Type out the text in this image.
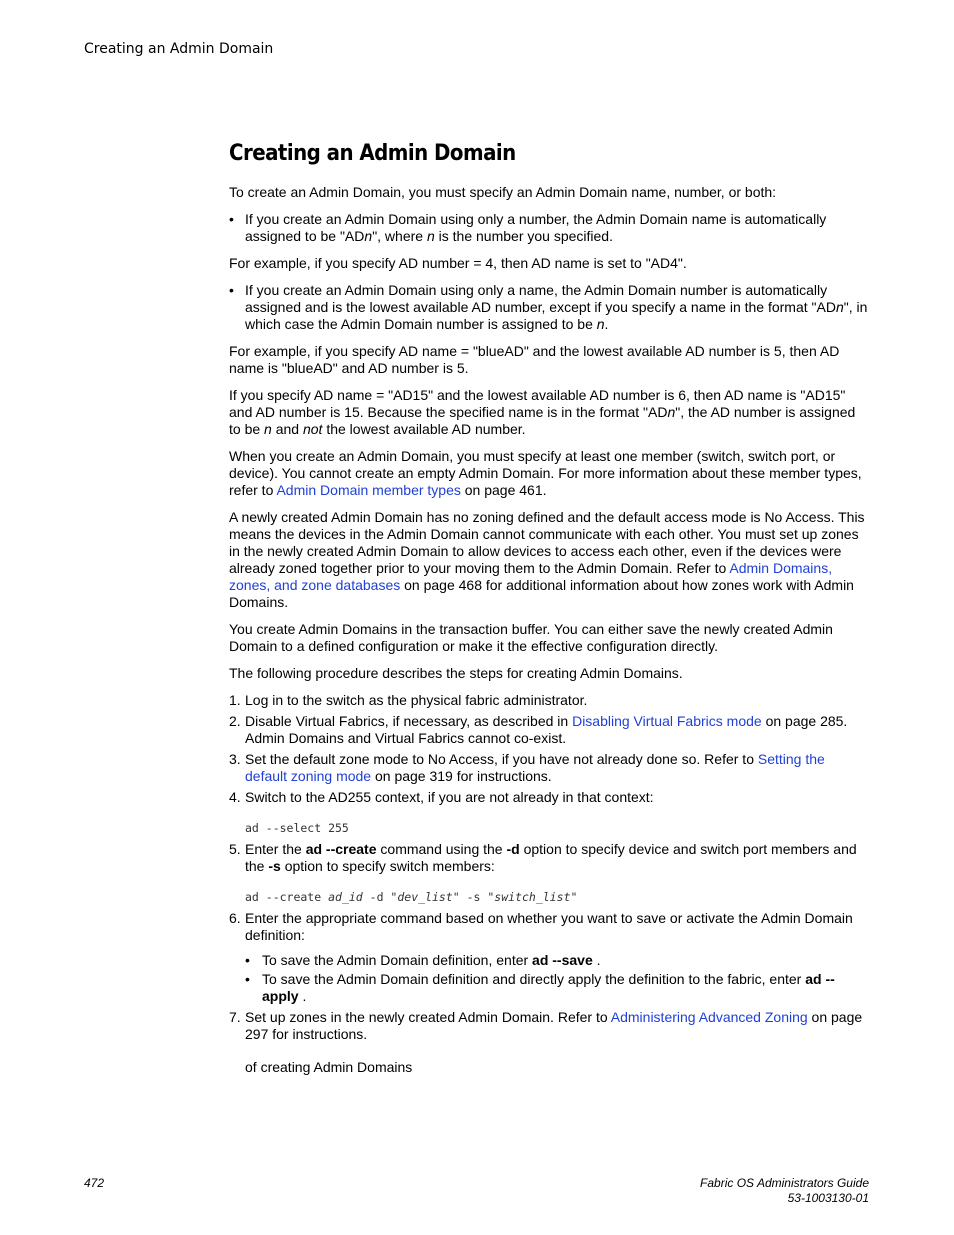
Creating an Admin Domain
Creating an Admin Domain

To create an Admin Domain, you must specify an Admin Domain name, number, or both:

• If you create an Admin Domain using only a number, the Admin Domain name is automatically assigned to be "ADn", where n is the number you specified.

For example, if you specify AD number = 4, then AD name is set to "AD4".

• If you create an Admin Domain using only a name, the Admin Domain number is automatically assigned and is the lowest available AD number, except if you specify a name in the format "ADn", in which case the Admin Domain number is assigned to be n.

For example, if you specify AD name = "blueAD" and the lowest available AD number is 5, then AD name is "blueAD" and AD number is 5.

If you specify AD name = "AD15" and the lowest available AD number is 6, then AD name is "AD15" and AD number is 15. Because the specified name is in the format "ADn", the AD number is assigned to be n and not the lowest available AD number.

When you create an Admin Domain, you must specify at least one member (switch, switch port, or device). You cannot create an empty Admin Domain. For more information about these member types, refer to Admin Domain member types on page 461.

A newly created Admin Domain has no zoning defined and the default access mode is No Access. This means the devices in the Admin Domain cannot communicate with each other. You must set up zones in the newly created Admin Domain to allow devices to access each other, even if the devices were already zoned together prior to your moving them to the Admin Domain. Refer to Admin Domains, zones, and zone databases on page 468 for additional information about how zones work with Admin Domains.

You create Admin Domains in the transaction buffer. You can either save the newly created Admin Domain to a defined configuration or make it the effective configuration directly.

The following procedure describes the steps for creating Admin Domains.

1. Log in to the switch as the physical fabric administrator.
2. Disable Virtual Fabrics, if necessary, as described in Disabling Virtual Fabrics mode on page 285. Admin Domains and Virtual Fabrics cannot co-exist.
3. Set the default zone mode to No Access, if you have not already done so. Refer to Setting the default zoning mode on page 319 for instructions.
4. Switch to the AD255 context, if you are not already in that context:
ad --select 255
5. Enter the ad --create command using the -d option to specify device and switch port members and the -s option to specify switch members:
ad --create ad_id -d "dev_list" -s "switch_list"
6. Enter the appropriate command based on whether you want to save or activate the Admin Domain definition:
• To save the Admin Domain definition, enter ad --save .
• To save the Admin Domain definition and directly apply the definition to the fabric, enter ad --apply .
7. Set up zones in the newly created Admin Domain. Refer to Administering Advanced Zoning on page 297 for instructions.

of creating Admin Domains

472	Fabric OS Administrators Guide
53-1003130-01
